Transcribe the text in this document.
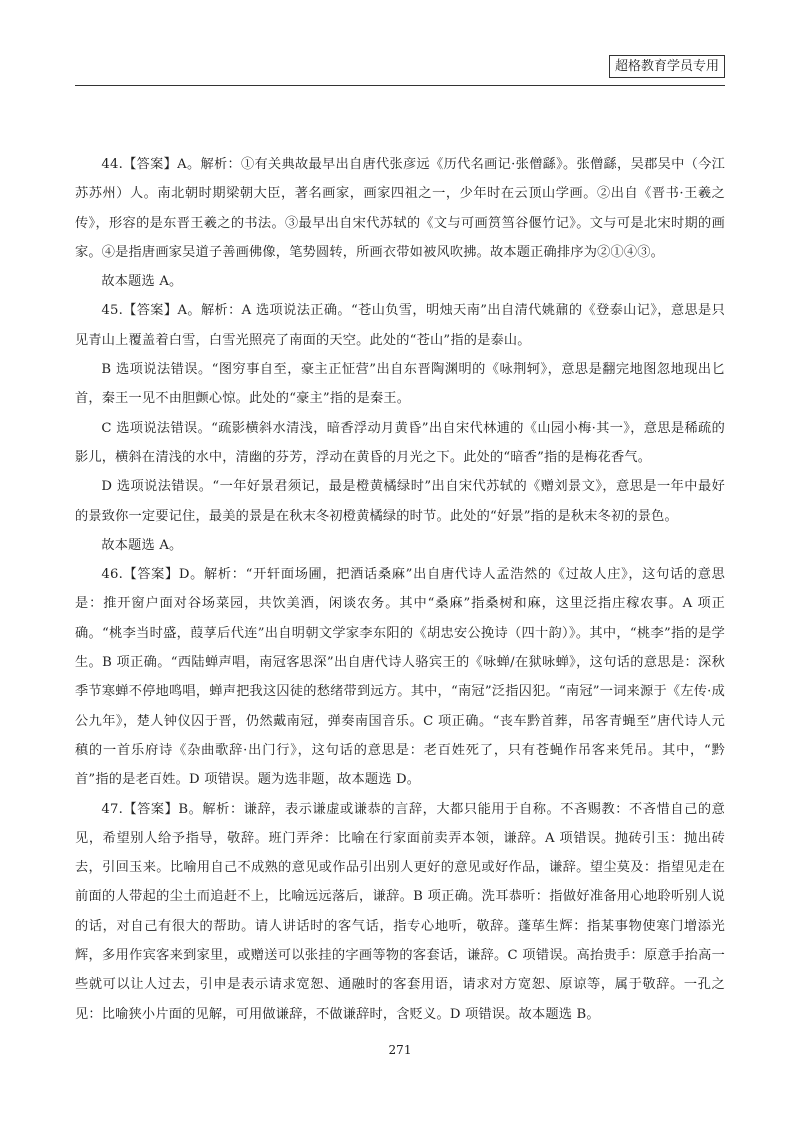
超格教育学员专用

44.【答案】A。解析：①有关典故最早出自唐代张彦远《历代名画记·张僧繇》。张僧繇，吴郡吴中（今江苏苏州）人。南北朝时期梁朝大臣，著名画家，画家四祖之一，少年时在云顶山学画。②出自《晋书·王羲之传》，形容的是东晋王羲之的书法。③最早出自宋代苏轼的《文与可画筼筜谷偃竹记》。文与可是北宋时期的画家。④是指唐画家吴道子善画佛像，笔势圆转，所画衣带如被风吹拂。故本题正确排序为②①④③。

故本题选 A。

45.【答案】A。解析：A 选项说法正确。“苍山负雪，明烛天南”出自清代姚鼐的《登泰山记》，意思是只见青山上覆盖着白雪，白雪光照亮了南面的天空。此处的“苍山”指的是泰山。

B 选项说法错误。“图穷事自至，豪主正怔营”出自东晋陶渊明的《咏荆轲》，意思是翻完地图忽地现出匕首，秦王一见不由胆颤心惊。此处的“豪主”指的是秦王。

C 选项说法错误。“疏影横斜水清浅，暗香浮动月黄昏”出自宋代林逋的《山园小梅·其一》，意思是稀疏的影儿，横斜在清浅的水中，清幽的芬芳，浮动在黄昏的月光之下。此处的“暗香”指的是梅花香气。

D 选项说法错误。“一年好景君须记，最是橙黄橘绿时”出自宋代苏轼的《赠刘景文》，意思是一年中最好的景致你一定要记住，最美的景是在秋末冬初橙黄橘绿的时节。此处的“好景”指的是秋末冬初的景色。

故本题选 A。

46.【答案】D。解析：“开轩面场圃，把酒话桑麻”出自唐代诗人孟浩然的《过故人庄》，这句话的意思是：推开窗户面对谷场菜园，共饮美酒，闲谈农务。其中“桑麻”指桑树和麻，这里泛指庄稼农事。A 项正确。“桃李当时盛，葭莩后代连”出自明朝文学家李东阳的《胡忠安公挽诗（四十韵）》。其中，“桃李”指的是学生。B 项正确。“西陆蝉声唱，南冠客思深”出自唐代诗人骆宾王的《咏蝉/在狱咏蝉》，这句话的意思是：深秋季节寒蝉不停地鸣唱，蝉声把我这囚徒的愁绪带到远方。其中，“南冠”泛指囚犯。“南冠”一词来源于《左传·成公九年》，楚人钟仪囚于晋，仍然戴南冠，弹奏南国音乐。C 项正确。“丧车黔首葬，吊客青蝇至”唐代诗人元稹的一首乐府诗《杂曲歌辞·出门行》，这句话的意思是：老百姓死了，只有苍蝇作吊客来凭吊。其中，“黔首”指的是老百姓。D 项错误。题为选非题，故本题选 D。

47.【答案】B。解析：谦辞，表示谦虚或谦恭的言辞，大都只能用于自称。不吝赐教：不吝惜自己的意见，希望别人给予指导，敬辞。班门弄斧：比喻在行家面前卖弄本领，谦辞。A 项错误。抛砖引玉：抛出砖去，引回玉来。比喻用自己不成熟的意见或作品引出别人更好的意见或好作品，谦辞。望尘莫及：指望见走在前面的人带起的尘土而追赶不上，比喻远远落后，谦辞。B 项正确。洗耳恭听：指做好准备用心地聆听别人说的话，对自己有很大的帮助。请人讲话时的客气话，指专心地听，敬辞。蓬荜生辉：指某事物使寒门增添光辉，多用作宾客来到家里，或赠送可以张挂的字画等物的客套话，谦辞。C 项错误。高抬贵手：原意手抬高一些就可以让人过去，引申是表示请求宽恕、通融时的客套用语，请求对方宽恕、原谅等，属于敬辞。一孔之见：比喻狭小片面的见解，可用做谦辞，不做谦辞时，含贬义。D 项错误。故本题选 B。

271
